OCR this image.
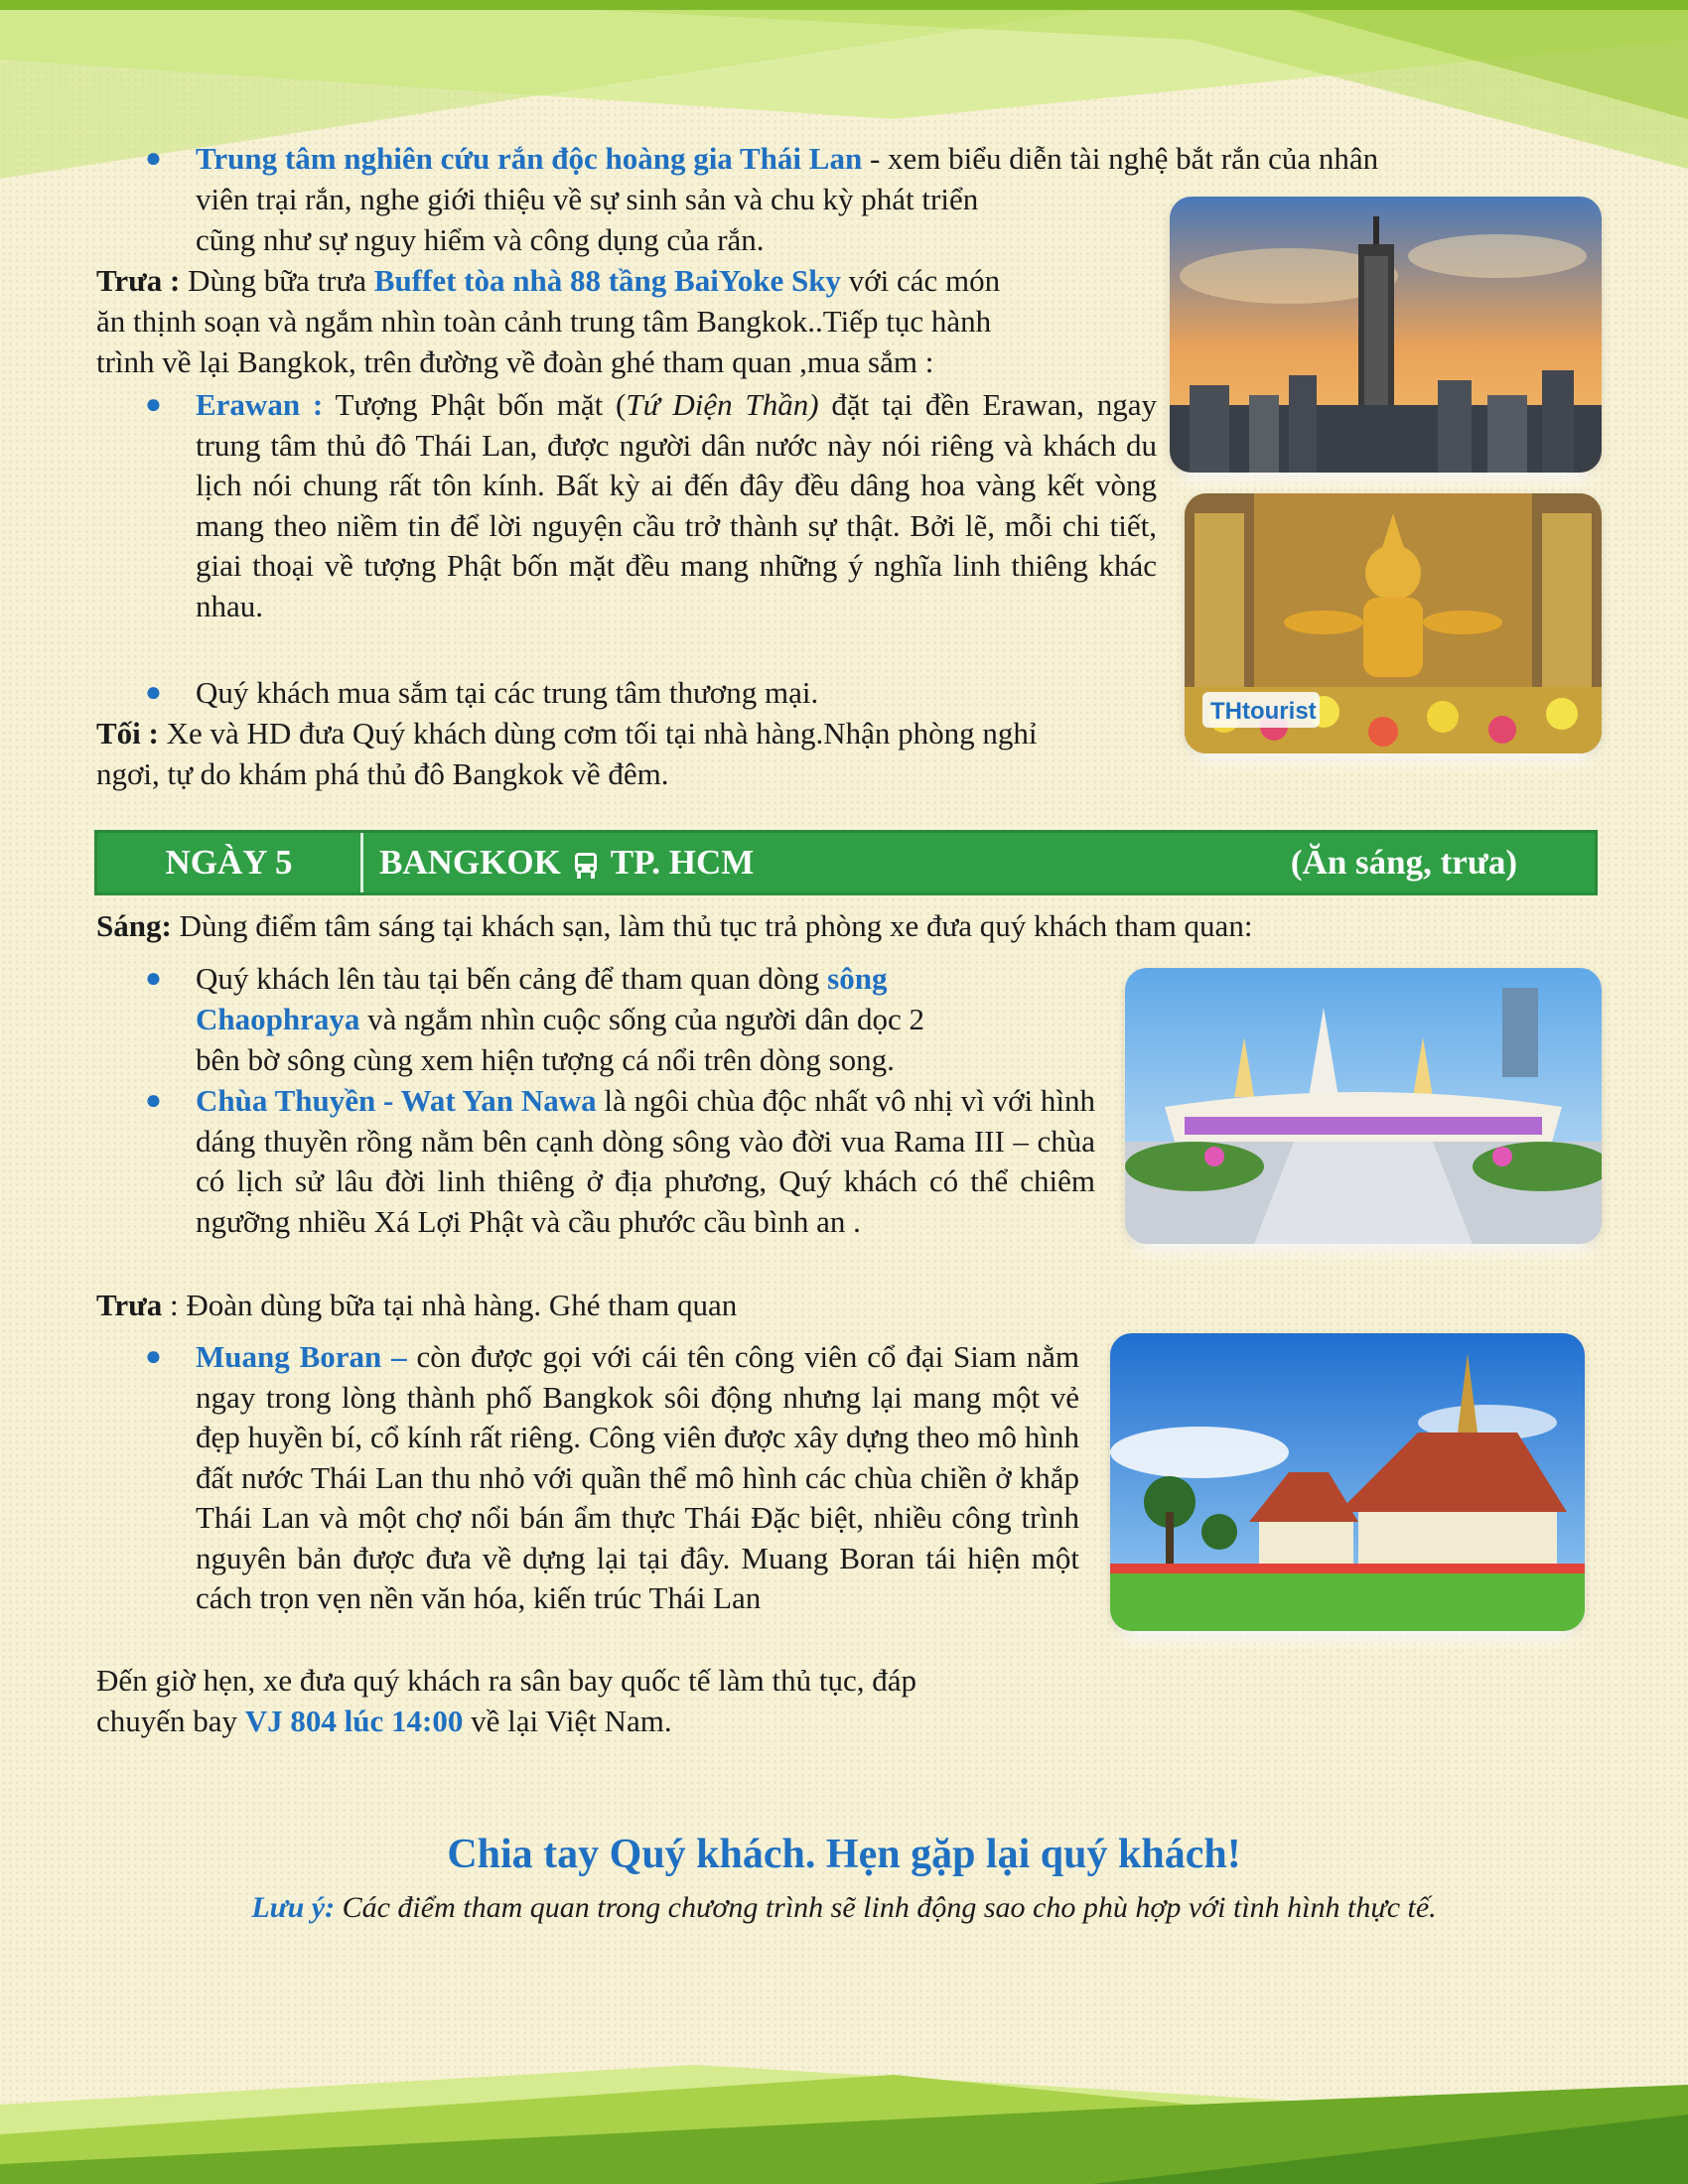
● Trung tâm nghiên cứu rắn độc hoàng gia Thái Lan - xem biểu diễn tài nghệ bắt rắn của nhân
viên trại rắn, nghe giới thiệu về sự sinh sản và chu kỳ phát triển
cũng như sự nguy hiểm và công dụng của rắn.
Trưa : Dùng bữa trưa Buffet tòa nhà 88 tầng BaiYoke Sky với các món
ăn thịnh soạn và ngắm nhìn toàn cảnh trung tâm Bangkok..Tiếp tục hành
trình về lại Bangkok, trên đường về đoàn ghé tham quan ,mua sắm :
● Erawan : Tượng Phật bốn mặt (Tứ Diện Thần) đặt tại đền Erawan, ngay trung tâm thủ đô Thái Lan, được người dân nước này nói riêng và khách du lịch nói chung rất tôn kính. Bất kỳ ai đến đây đều dâng hoa vàng kết vòng mang theo niềm tin để lời nguyện cầu trở thành sự thật. Bởi lẽ, mỗi chi tiết, giai thoại về tượng Phật bốn mặt đều mang những ý nghĩa linh thiêng khác nhau.
● Quý khách mua sắm tại các trung tâm thương mại.
Tối : Xe và HD đưa Quý khách dùng cơm tối tại nhà hàng.Nhận phòng nghỉ
ngơi, tự do khám phá thủ đô Bangkok về đêm.
THtourist
NGÀY 5	BANGKOK TP. HCM	(Ăn sáng, trưa)
Sáng: Dùng điểm tâm sáng tại khách sạn, làm thủ tục trả phòng xe đưa quý khách tham quan:
● Quý khách lên tàu tại bến cảng để tham quan dòng sông
Chaophraya và ngắm nhìn cuộc sống của người dân dọc 2
bên bờ sông cùng xem hiện tượng cá nổi trên dòng song.
● Chùa Thuyền - Wat Yan Nawa là ngôi chùa độc nhất vô nhị vì với hình dáng thuyền rồng nằm bên cạnh dòng sông vào đời vua Rama III – chùa có lịch sử lâu đời linh thiêng ở địa phương, Quý khách có thể chiêm ngưỡng nhiều Xá Lợi Phật và cầu phước cầu bình an .
Trưa : Đoàn dùng bữa tại nhà hàng. Ghé tham quan
● Muang Boran – còn được gọi với cái tên công viên cổ đại Siam nằm ngay trong lòng thành phố Bangkok sôi động nhưng lại mang một vẻ đẹp huyền bí, cổ kính rất riêng. Công viên được xây dựng theo mô hình đất nước Thái Lan thu nhỏ với quần thể mô hình các chùa chiền ở khắp Thái Lan và một chợ nổi bán ẩm thực Thái Đặc biệt, nhiều công trình nguyên bản được đưa về dựng lại tại đây. Muang Boran tái hiện một cách trọn vẹn nền văn hóa, kiến trúc Thái Lan
Đến giờ hẹn, xe đưa quý khách ra sân bay quốc tế làm thủ tục, đáp
chuyến bay VJ 804 lúc 14:00 về lại Việt Nam.
Chia tay Quý khách. Hẹn gặp lại quý khách!
Lưu ý: Các điểm tham quan trong chương trình sẽ linh động sao cho phù hợp với tình hình thực tế.
